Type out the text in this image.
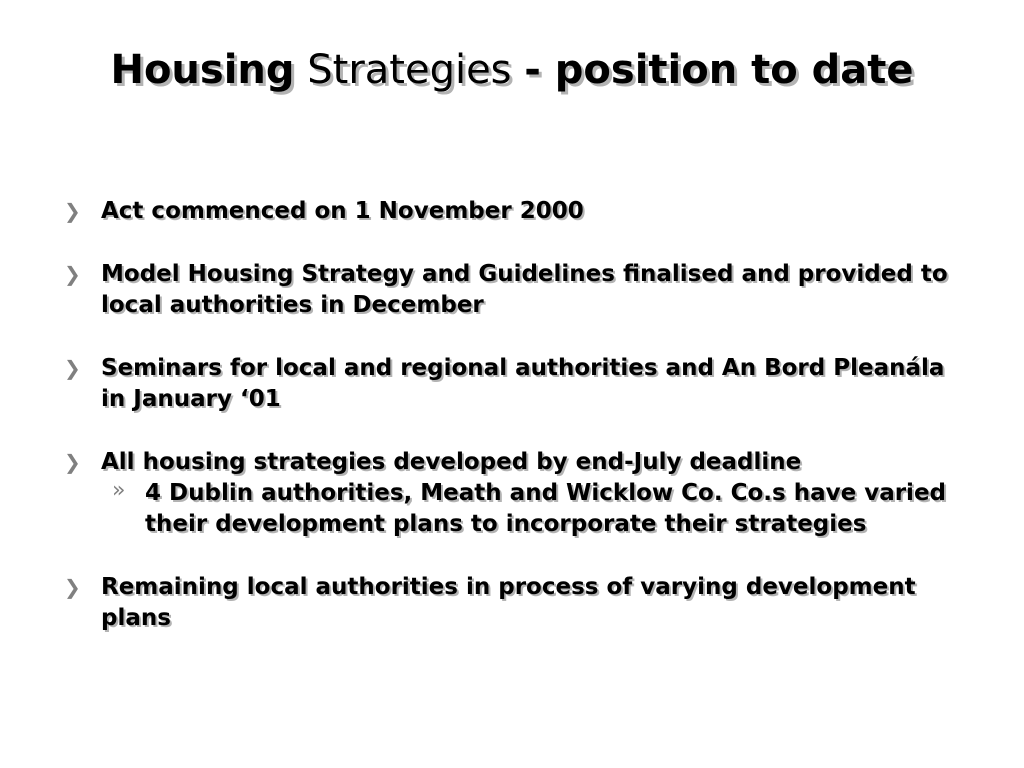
Housing Strategies - position to date
❯ Act commenced on 1 November 2000
❯ Model Housing Strategy and Guidelines finalised and provided to local authorities in December
❯ Seminars for local and regional authorities and An Bord Pleanála in January ‘01
❯ All housing strategies developed by end-July deadline
» 4 Dublin authorities, Meath and Wicklow Co. Co.s have varied their development plans to incorporate their strategies
❯ Remaining local authorities in process of varying development plans
